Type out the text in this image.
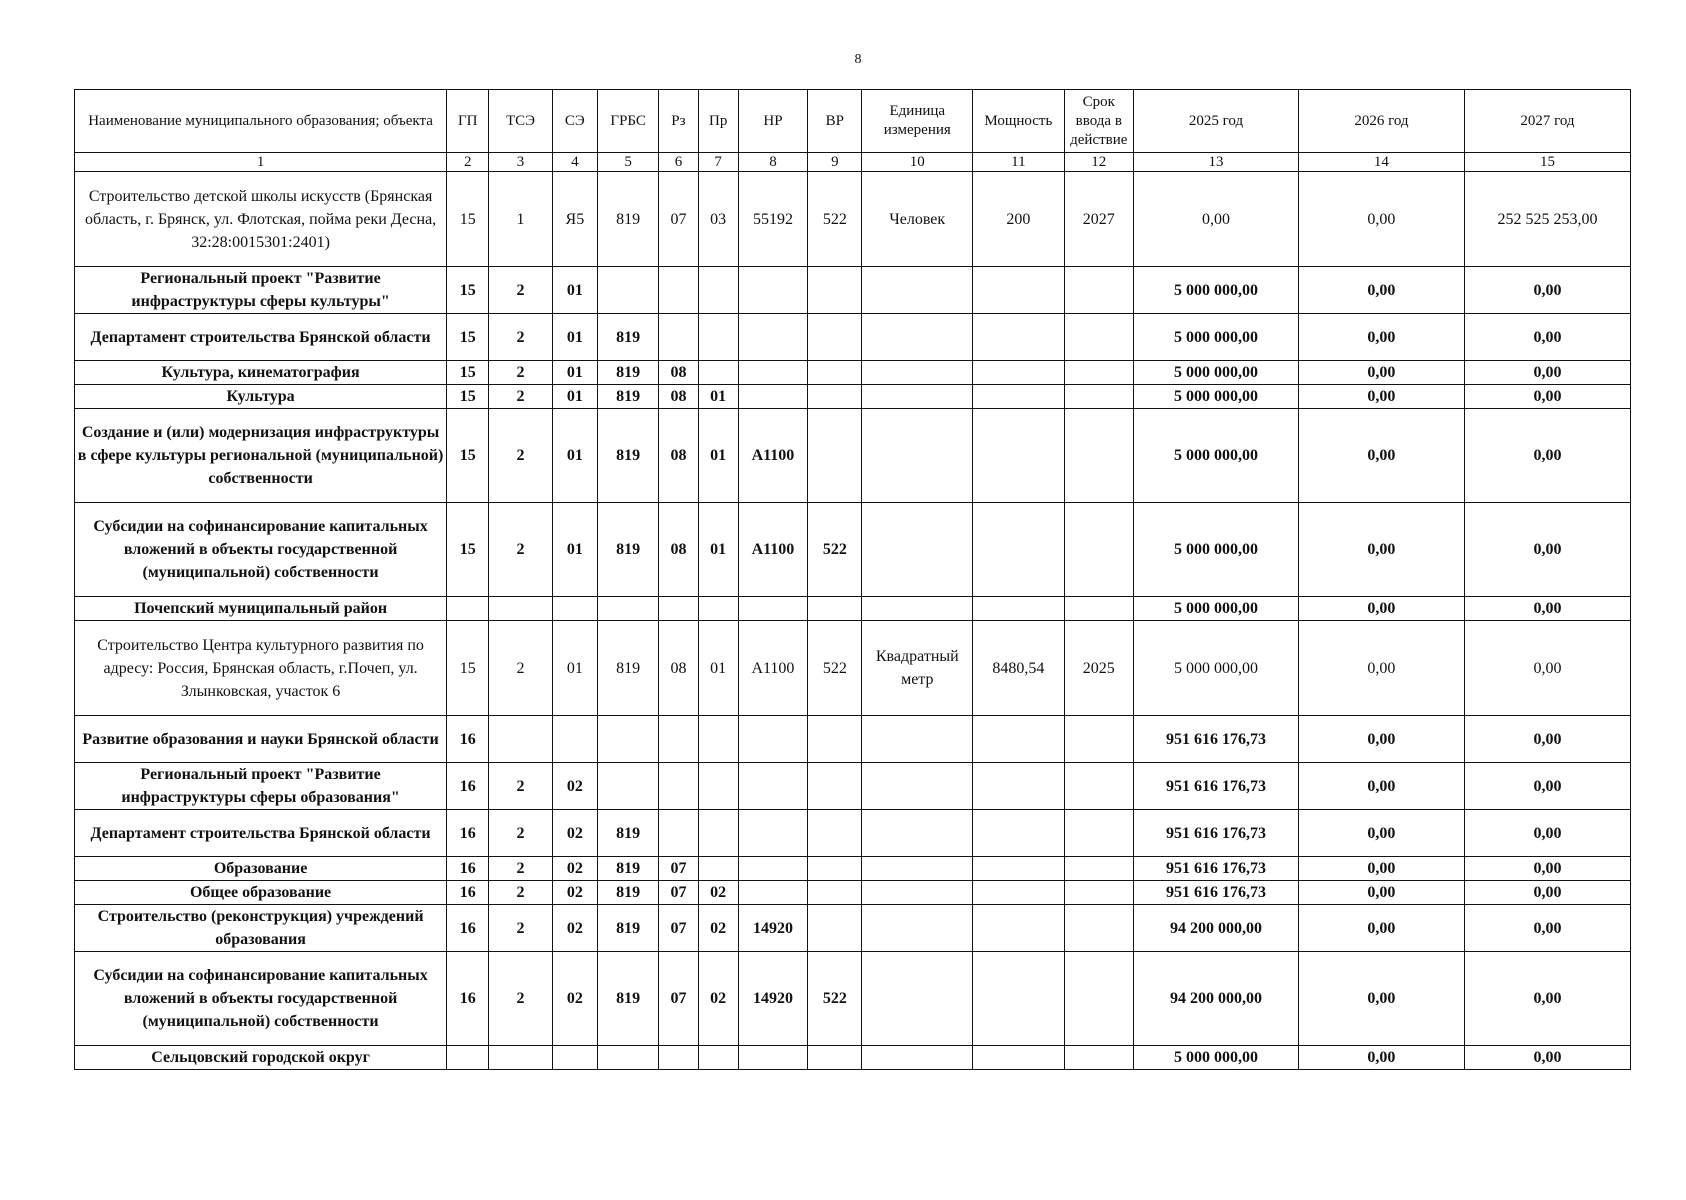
8
Наименование муниципального образования; объекта	ГП	ТСЭ	СЭ	ГРБС	Рз	Пр	НР	ВР	Единица измерения	Мощность	Срок ввода в действие	2025 год	2026 год	2027 год
1	2	3	4	5	6	7	8	9	10	11	12	13	14	15
Строительство детской школы искусств (Брянская область, г. Брянск, ул. Флотская, пойма реки Десна, 32:28:0015301:2401)	15	1	Я5	819	07	03	55192	522	Человек	200	2027	0,00	0,00	252 525 253,00
Региональный проект "Развитие инфраструктуры сферы культуры"	15	2	01									5 000 000,00	0,00	0,00
Департамент строительства Брянской области	15	2	01	819								5 000 000,00	0,00	0,00
Культура, кинематография	15	2	01	819	08							5 000 000,00	0,00	0,00
Культура	15	2	01	819	08	01						5 000 000,00	0,00	0,00
Создание и (или) модернизация инфраструктуры в сфере культуры региональной (муниципальной) собственности	15	2	01	819	08	01	A1100					5 000 000,00	0,00	0,00
Субсидии на софинансирование капитальных вложений в объекты государственной (муниципальной) собственности	15	2	01	819	08	01	A1100	522				5 000 000,00	0,00	0,00
Почепский муниципальный район												5 000 000,00	0,00	0,00
Строительство Центра культурного развития по адресу: Россия, Брянская область, г.Почеп, ул. Злынковская, участок 6	15	2	01	819	08	01	A1100	522	Квадратный метр	8480,54	2025	5 000 000,00	0,00	0,00
Развитие образования и науки Брянской области	16											951 616 176,73	0,00	0,00
Региональный проект "Развитие инфраструктуры сферы образования"	16	2	02									951 616 176,73	0,00	0,00
Департамент строительства Брянской области	16	2	02	819								951 616 176,73	0,00	0,00
Образование	16	2	02	819	07							951 616 176,73	0,00	0,00
Общее образование	16	2	02	819	07	02						951 616 176,73	0,00	0,00
Строительство (реконструкция) учреждений образования	16	2	02	819	07	02	14920					94 200 000,00	0,00	0,00
Субсидии на софинансирование капитальных вложений в объекты государственной (муниципальной) собственности	16	2	02	819	07	02	14920	522				94 200 000,00	0,00	0,00
Сельцовский городской округ												5 000 000,00	0,00	0,00
